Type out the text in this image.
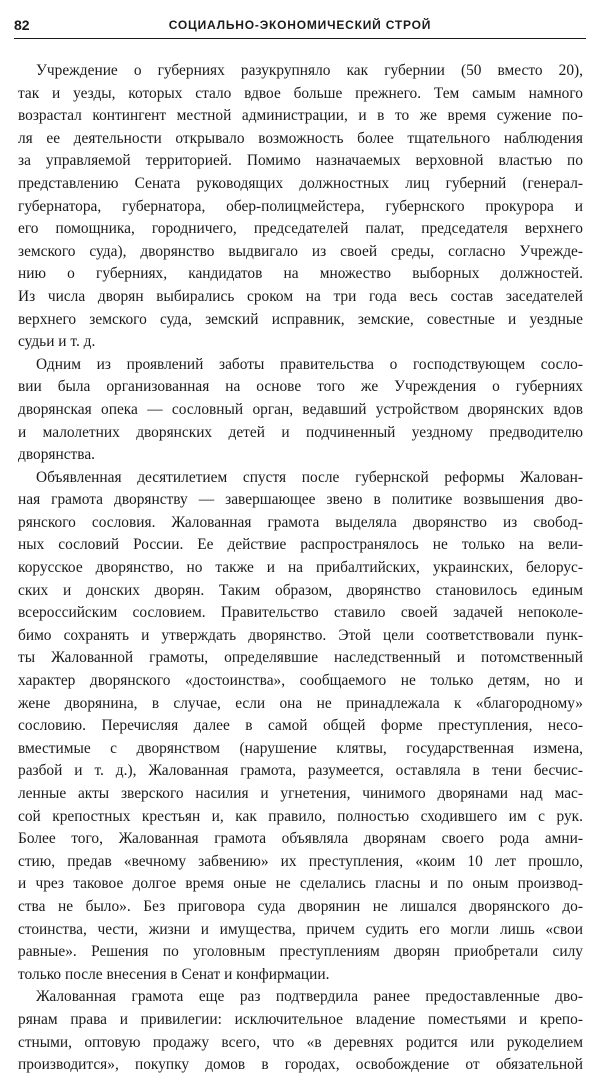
82	СОЦИАЛЬНО-ЭКОНОМИЧЕСКИЙ СТРОЙ
Учреждение о губерниях разукрупняло как губернии (50 вместо 20),
так и уезды, которых стало вдвое больше прежнего. Тем самым намного
возрастал контингент местной администрации, и в то же время сужение по-
ля ее деятельности открывало возможность более тщательного наблюдения
за управляемой территорией. Помимо назначаемых верховной властью по
представлению Сената руководящих должностных лиц губерний (генерал-
губернатора, губернатора, обер-полицмейстера, губернского прокурора и
его помощника, городничего, председателей палат, председателя верхнего
земского суда), дворянство выдвигало из своей среды, согласно Учрежде-
нию о губерниях, кандидатов на множество выборных должностей.
Из числа дворян выбирались сроком на три года весь состав заседателей
верхнего земского суда, земский исправник, земские, совестные и уездные
судьи и т. д.
Одним из проявлений заботы правительства о господствующем сосло-
вии была организованная на основе того же Учреждения о губерниях
дворянская опека — сословный орган, ведавший устройством дворянских вдов
и малолетних дворянских детей и подчиненный уездному предводителю
дворянства.
Объявленная десятилетием спустя после губернской реформы Жалован-
ная грамота дворянству — завершающее звено в политике возвышения дво-
рянского сословия. Жалованная грамота выделяла дворянство из свобод-
ных сословий России. Ее действие распространялось не только на вели-
корусское дворянство, но также и на прибалтийских, украинских, белорус-
ских и донских дворян. Таким образом, дворянство становилось единым
всероссийским сословием. Правительство ставило своей задачей непоколе-
бимо сохранять и утверждать дворянство. Этой цели соответствовали пунк-
ты Жалованной грамоты, определявшие наследственный и потомственный
характер дворянского «достоинства», сообщаемого не только детям, но и
жене дворянина, в случае, если она не принадлежала к «благородному»
сословию. Перечисляя далее в самой общей форме преступления, несо-
вместимые с дворянством (нарушение клятвы, государственная измена,
разбой и т. д.), Жалованная грамота, разумеется, оставляла в тени бесчис-
ленные акты зверского насилия и угнетения, чинимого дворянами над мас-
сой крепостных крестьян и, как правило, полностью сходившего им с рук.
Более того, Жалованная грамота объявляла дворянам своего рода амни-
стию, предав «вечному забвению» их преступления, «коим 10 лет прошло,
и чрез таковое долгое время оные не сделались гласны и по оным производ-
ства не было». Без приговора суда дворянин не лишался дворянского до-
стоинства, чести, жизни и имущества, причем судить его могли лишь «свои
равные». Решения по уголовным преступлениям дворян приобретали силу
только после внесения в Сенат и конфирмации.
Жалованная грамота еще раз подтвердила ранее предоставленные дво-
рянам права и привилегии: исключительное владение поместьями и крепо-
стными, оптовую продажу всего, что «в деревнях родится или рукоделием
производится», покупку домов в городах, освобождение от обязательной
